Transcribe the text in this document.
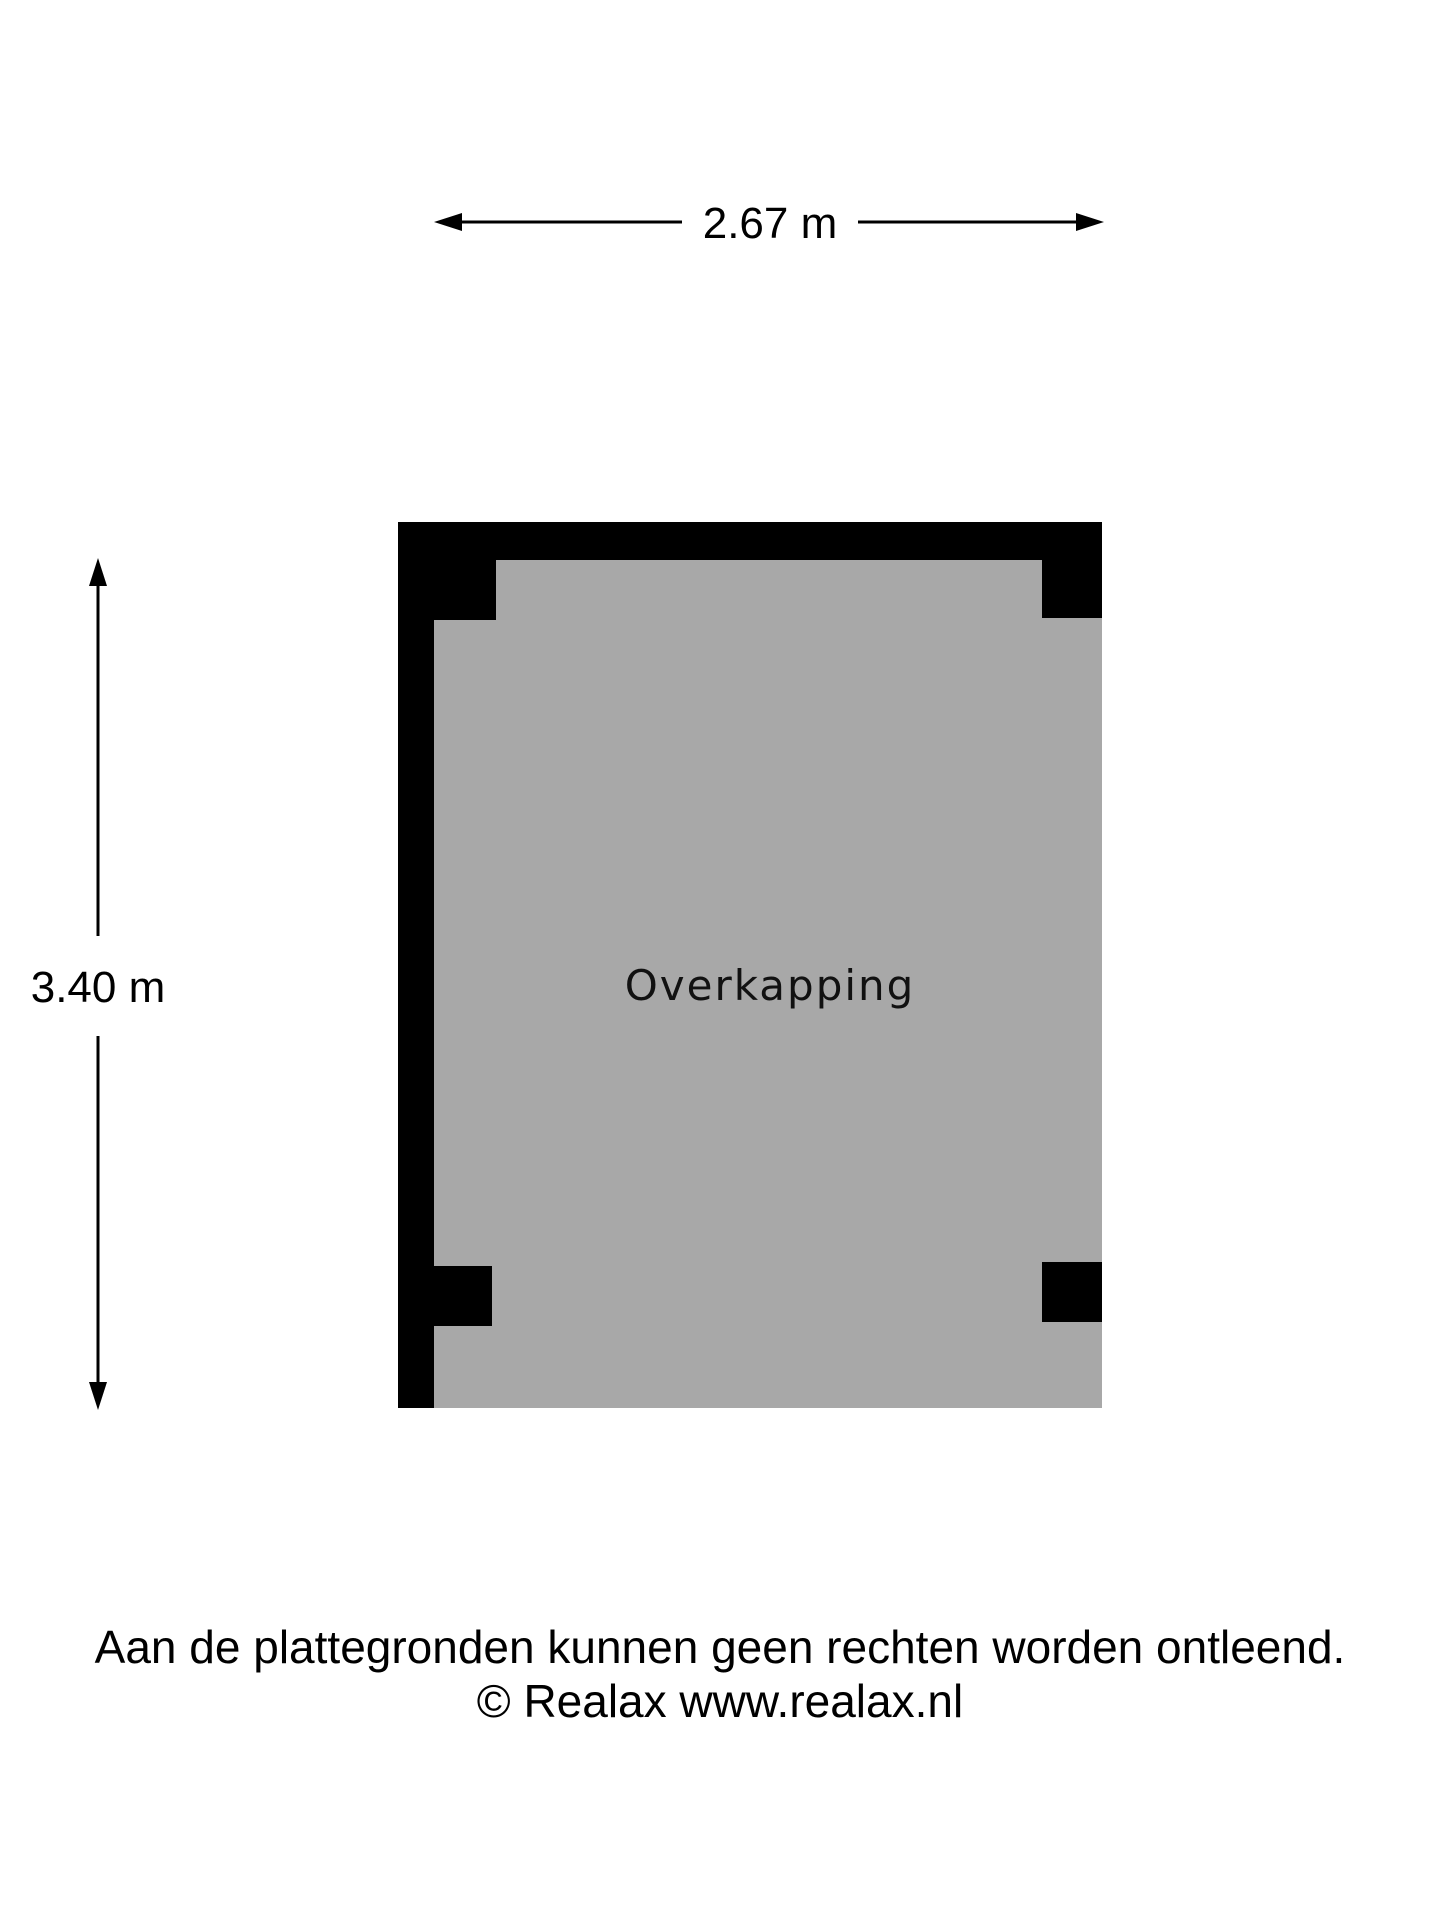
2.67 m
3.40 m	Overkapping
Aan de plattegronden kunnen geen rechten worden ontleend.
© Realax www.realax.nl
